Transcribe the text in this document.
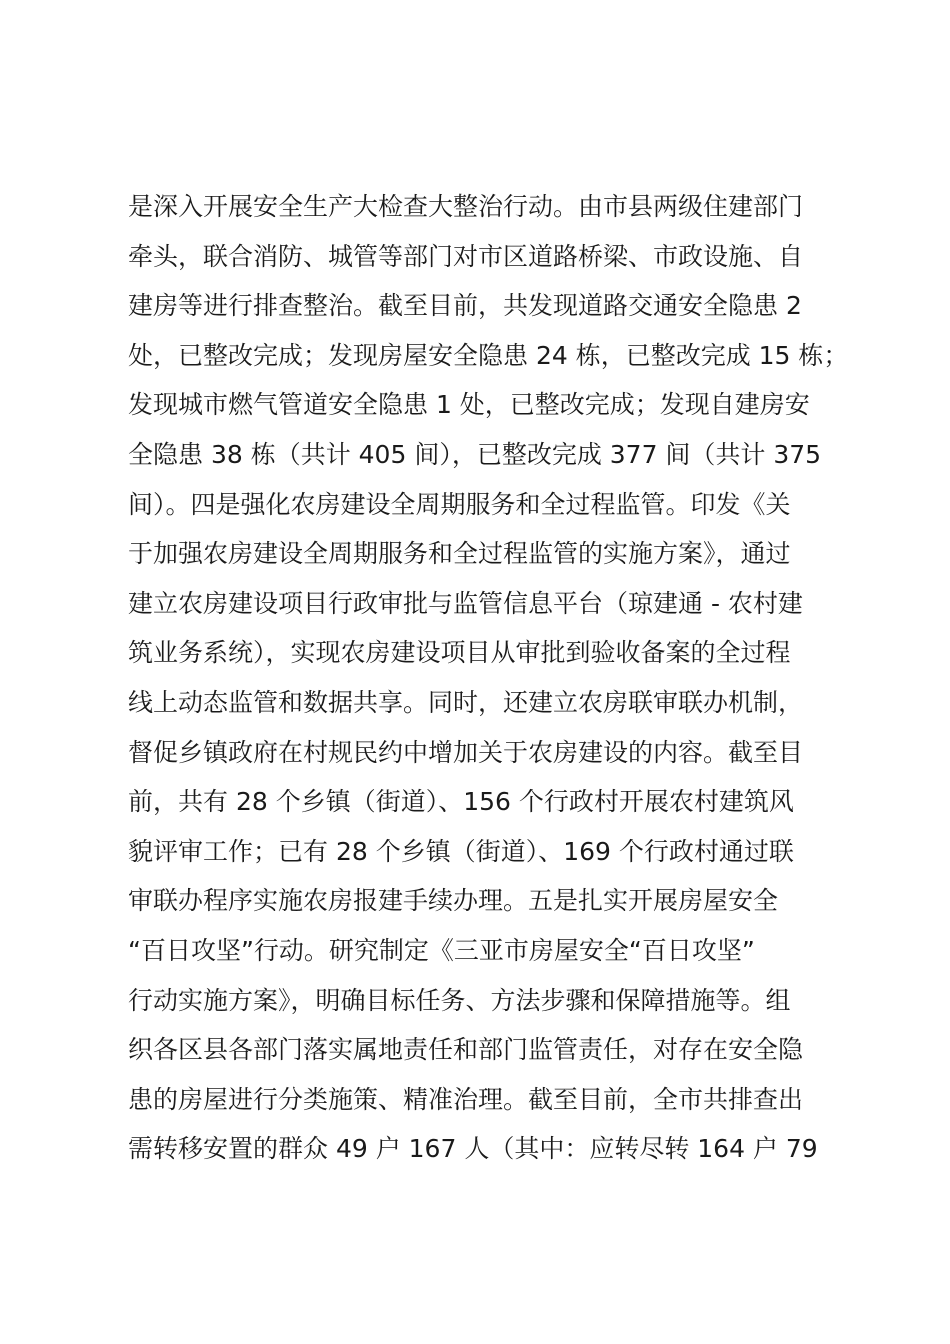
是深入开展安全生产大检查大整治行动。由市县两级住建部门
牵头，联合消防、城管等部门对市区道路桥梁、市政设施、自
建房等进行排查整治。截至目前，共发现道路交通安全隐患 2
处，已整改完成；发现房屋安全隐患 24 栋，已整改完成 15 栋；
发现城市燃气管道安全隐患 1 处，已整改完成；发现自建房安
全隐患 38 栋（共计 405 间），已整改完成 377 间（共计 375
间）。四是强化农房建设全周期服务和全过程监管。印发《关
于加强农房建设全周期服务和全过程监管的实施方案》，通过
建立农房建设项目行政审批与监管信息平台（琼建通 - 农村建
筑业务系统），实现农房建设项目从审批到验收备案的全过程
线上动态监管和数据共享。同时，还建立农房联审联办机制，
督促乡镇政府在村规民约中增加关于农房建设的内容。截至目
前，共有 28 个乡镇（街道）、156 个行政村开展农村建筑风
貌评审工作；已有 28 个乡镇（街道）、169 个行政村通过联
审联办程序实施农房报建手续办理。五是扎实开展房屋安全
“百日攻坚”行动。研究制定《三亚市房屋安全“百日攻坚”
行动实施方案》，明确目标任务、方法步骤和保障措施等。组
织各区县各部门落实属地责任和部门监管责任，对存在安全隐
患的房屋进行分类施策、精准治理。截至目前，全市共排查出
需转移安置的群众 49 户 167 人（其中：应转尽转 164 户 79
